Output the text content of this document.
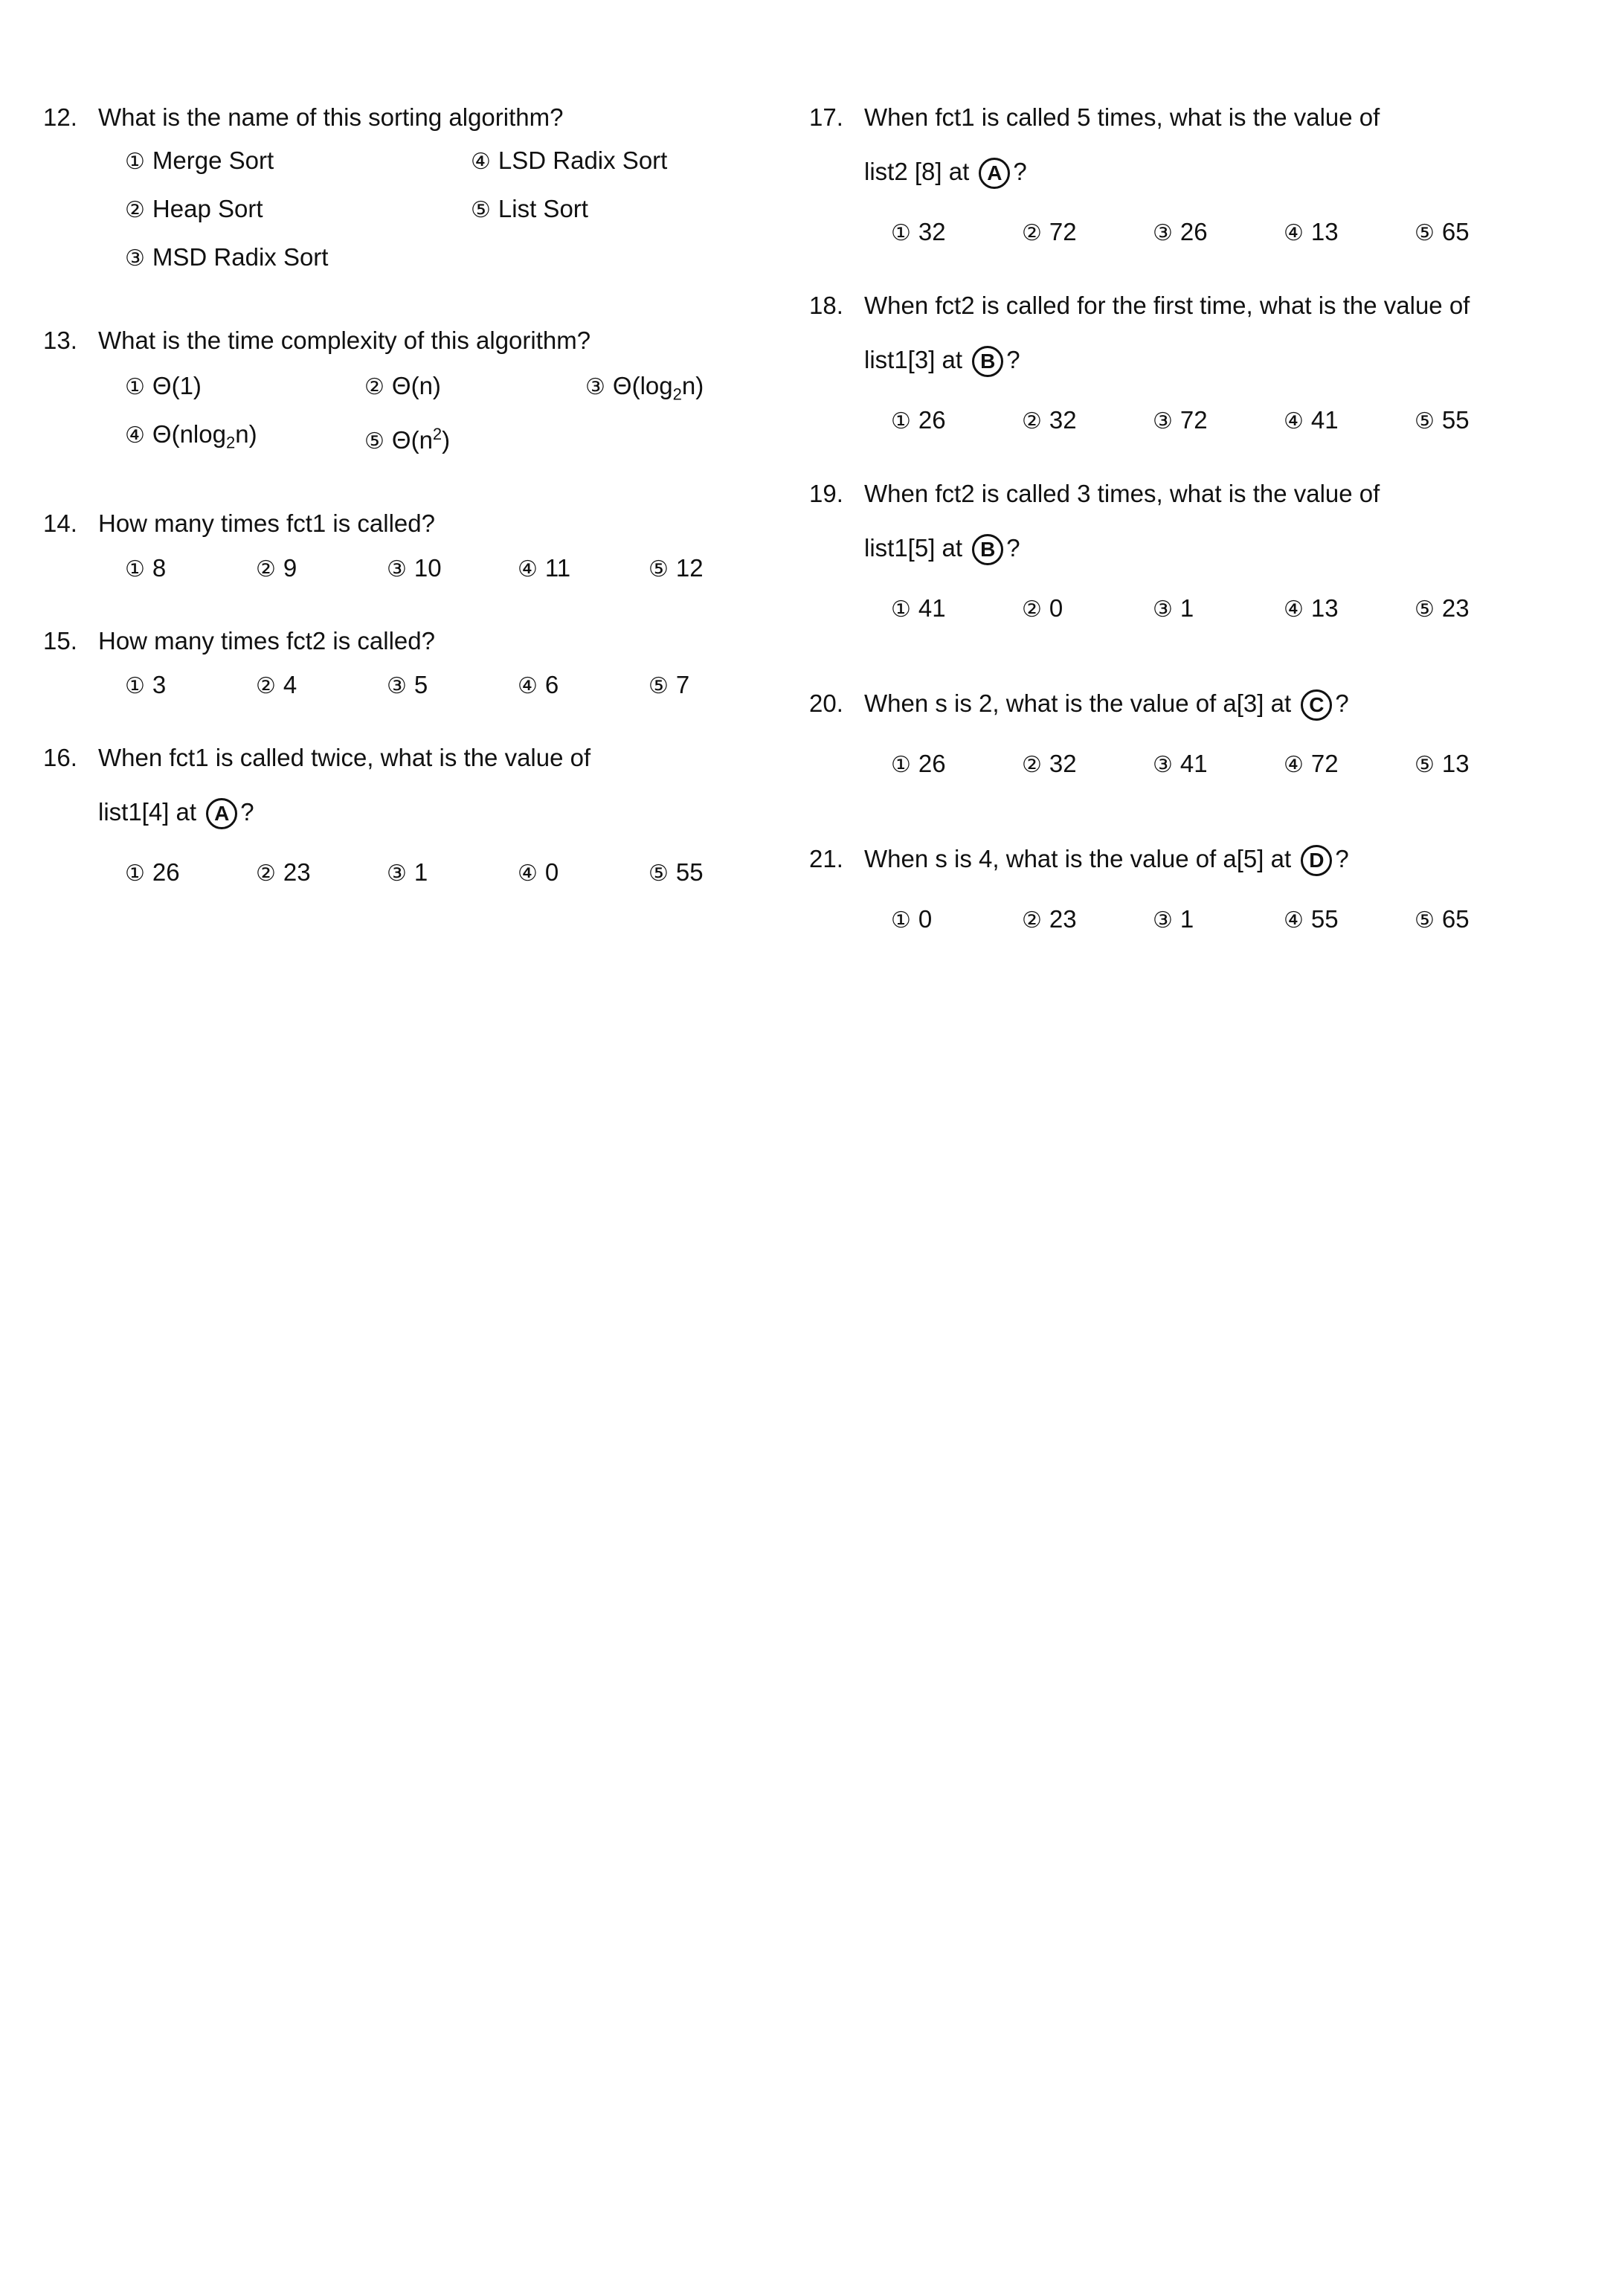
12. What is the name of this sorting algorithm?
① Merge Sort
② Heap Sort
③ MSD Radix Sort
④ LSD Radix Sort
⑤ List Sort
13. What is the time complexity of this algorithm?
① Θ(1)	② Θ(n)	③ $\Theta(\log_2n)$
④ Θ(nlog$_2$n)	⑤ $\Theta(n^2)$
14. How many times fct1 is called?
① 8	② 9	③ 10	④ 11	⑤ 12
15. How many times fct2 is called?
① 3	② 4	③ 5	④ 6	⑤ 7
16. When fct1 is called twice, what is the value of
list1[4] at A ?
① 26	② 23	③ 1	④ 0	⑤ 55
17. When fct1 is called 5 times, what is the value of
list2 [8] at A ?
① 32	② 72	③ 26	④ 13	⑤ 65
18. When fct2 is called for the first time, what is the value of
list1[3] at B ?
① 26	② 32	③ 72	④ 41	⑤ 55
19. When fct2 is called 3 times, what is the value of
list1[5] at B ?
① 41	② 0	③ 1	④ 13	⑤ 23
20. When s is 2, what is the value of a[3] at C ?
① 26	② 32	③ 41	④ 72	⑤ 13
21. When s is 4, what is the value of a[5] at D ?
① 0	② 23	③ 1	④ 55	⑤ 65
